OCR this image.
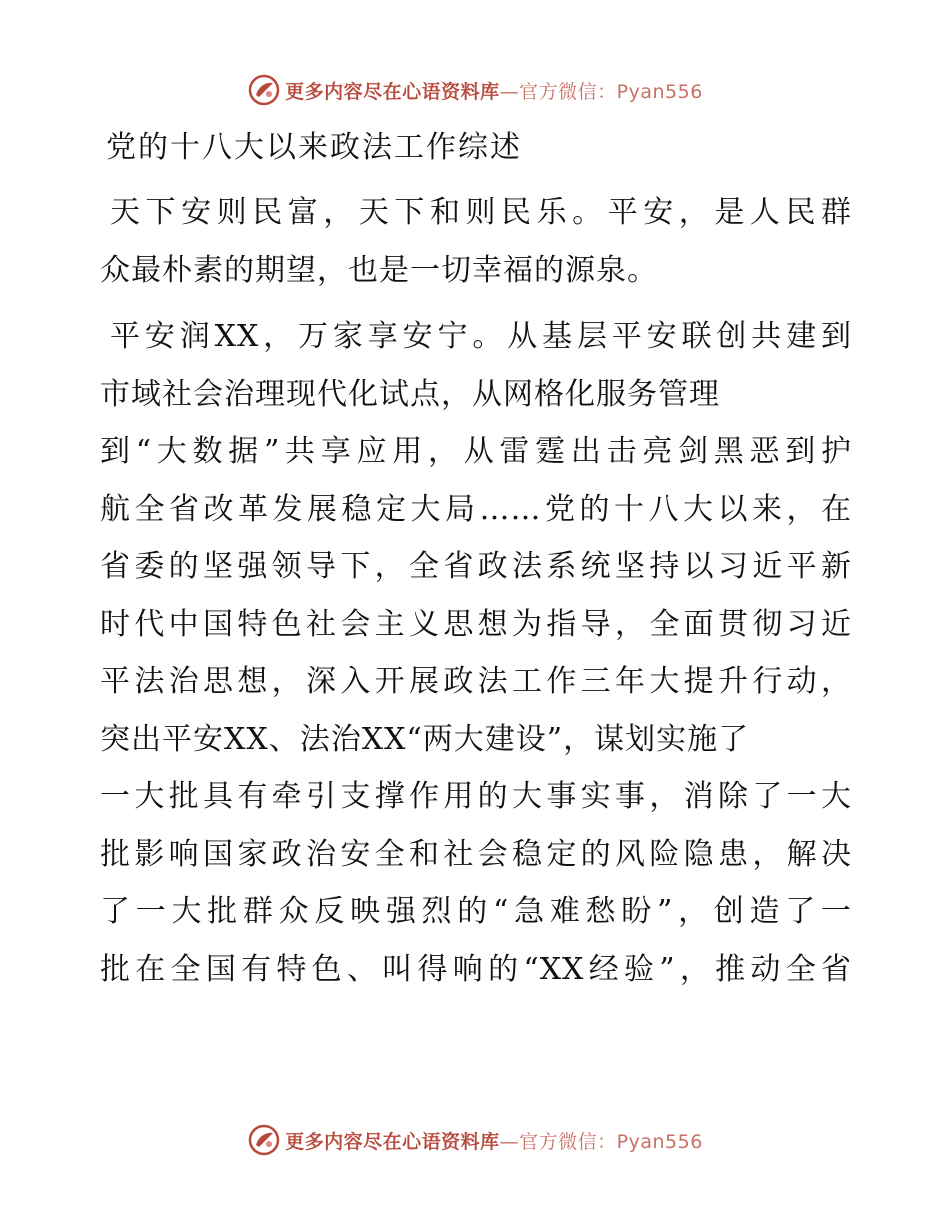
更多内容尽在心语资料库—官方微信：Pyan556
党的十八大以来政法工作综述
天下安则民富，天下和则民乐。平安，是人民群
众最朴素的期望，也是一切幸福的源泉。
平安润XX，万家享安宁。从基层平安联创共建到
市域社会治理现代化试点，从网格化服务管理
到“大数据”共享应用，从雷霆出击亮剑黑恶到护
航全省改革发展稳定大局……党的十八大以来，在
省委的坚强领导下，全省政法系统坚持以习近平新
时代中国特色社会主义思想为指导，全面贯彻习近
平法治思想，深入开展政法工作三年大提升行动，
突出平安XX、法治XX“两大建设”，谋划实施了
一大批具有牵引支撑作用的大事实事，消除了一大
批影响国家政治安全和社会稳定的风险隐患，解决
了一大批群众反映强烈的“急难愁盼”，创造了一
批在全国有特色、叫得响的“XX经验”，推动全省
更多内容尽在心语资料库—官方微信：Pyan556
